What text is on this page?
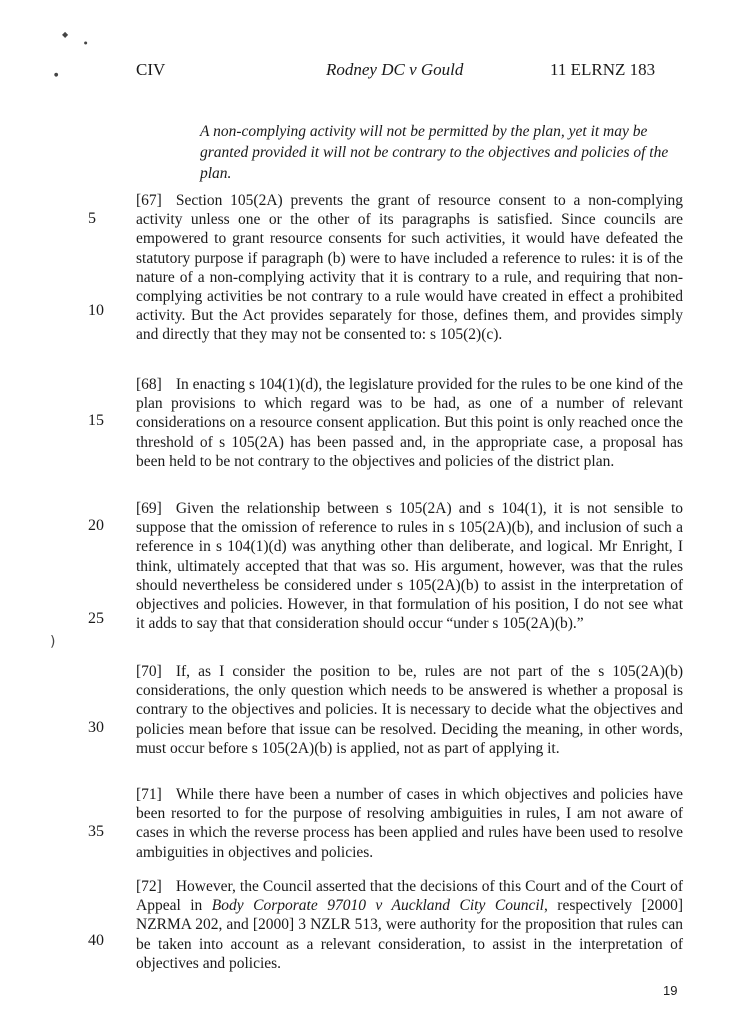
◆
●
●
)
CIV	Rodney DC v Gould	11 ELRNZ 183
A non-complying activity will not be permitted by the plan, yet it may be granted provided it will not be contrary to the objectives and policies of the plan.
[67] Section 105(2A) prevents the grant of resource consent to a non-complying activity unless one or the other of its paragraphs is satisfied. Since councils are empowered to grant resource consents for such activities, it would have defeated the statutory purpose if paragraph (b) were to have included a reference to rules: it is of the nature of a non-complying activity that it is contrary to a rule, and requiring that non-complying activities be not contrary to a rule would have created in effect a prohibited activity. But the Act provides separately for those, defines them, and provides simply and directly that they may not be consented to: s 105(2)(c).
[68] In enacting s 104(1)(d), the legislature provided for the rules to be one kind of the plan provisions to which regard was to be had, as one of a number of relevant considerations on a resource consent application. But this point is only reached once the threshold of s 105(2A) has been passed and, in the appropriate case, a proposal has been held to be not contrary to the objectives and policies of the district plan.
[69] Given the relationship between s 105(2A) and s 104(1), it is not sensible to suppose that the omission of reference to rules in s 105(2A)(b), and inclusion of such a reference in s 104(1)(d) was anything other than deliberate, and logical. Mr Enright, I think, ultimately accepted that that was so. His argument, however, was that the rules should nevertheless be considered under s 105(2A)(b) to assist in the interpretation of objectives and policies. However, in that formulation of his position, I do not see what it adds to say that that consideration should occur “under s 105(2A)(b).”
[70] If, as I consider the position to be, rules are not part of the s 105(2A)(b) considerations, the only question which needs to be answered is whether a proposal is contrary to the objectives and policies. It is necessary to decide what the objectives and policies mean before that issue can be resolved. Deciding the meaning, in other words, must occur before s 105(2A)(b) is applied, not as part of applying it.
[71] While there have been a number of cases in which objectives and policies have been resorted to for the purpose of resolving ambiguities in rules, I am not aware of cases in which the reverse process has been applied and rules have been used to resolve ambiguities in objectives and policies.
[72] However, the Council asserted that the decisions of this Court and of the Court of Appeal in Body Corporate 97010 v Auckland City Council, respectively [2000] NZRMA 202, and [2000] 3 NZLR 513, were authority for the proposition that rules can be taken into account as a relevant consideration, to assist in the interpretation of objectives and policies.
5
10
15
20
25
30
35
40
19
